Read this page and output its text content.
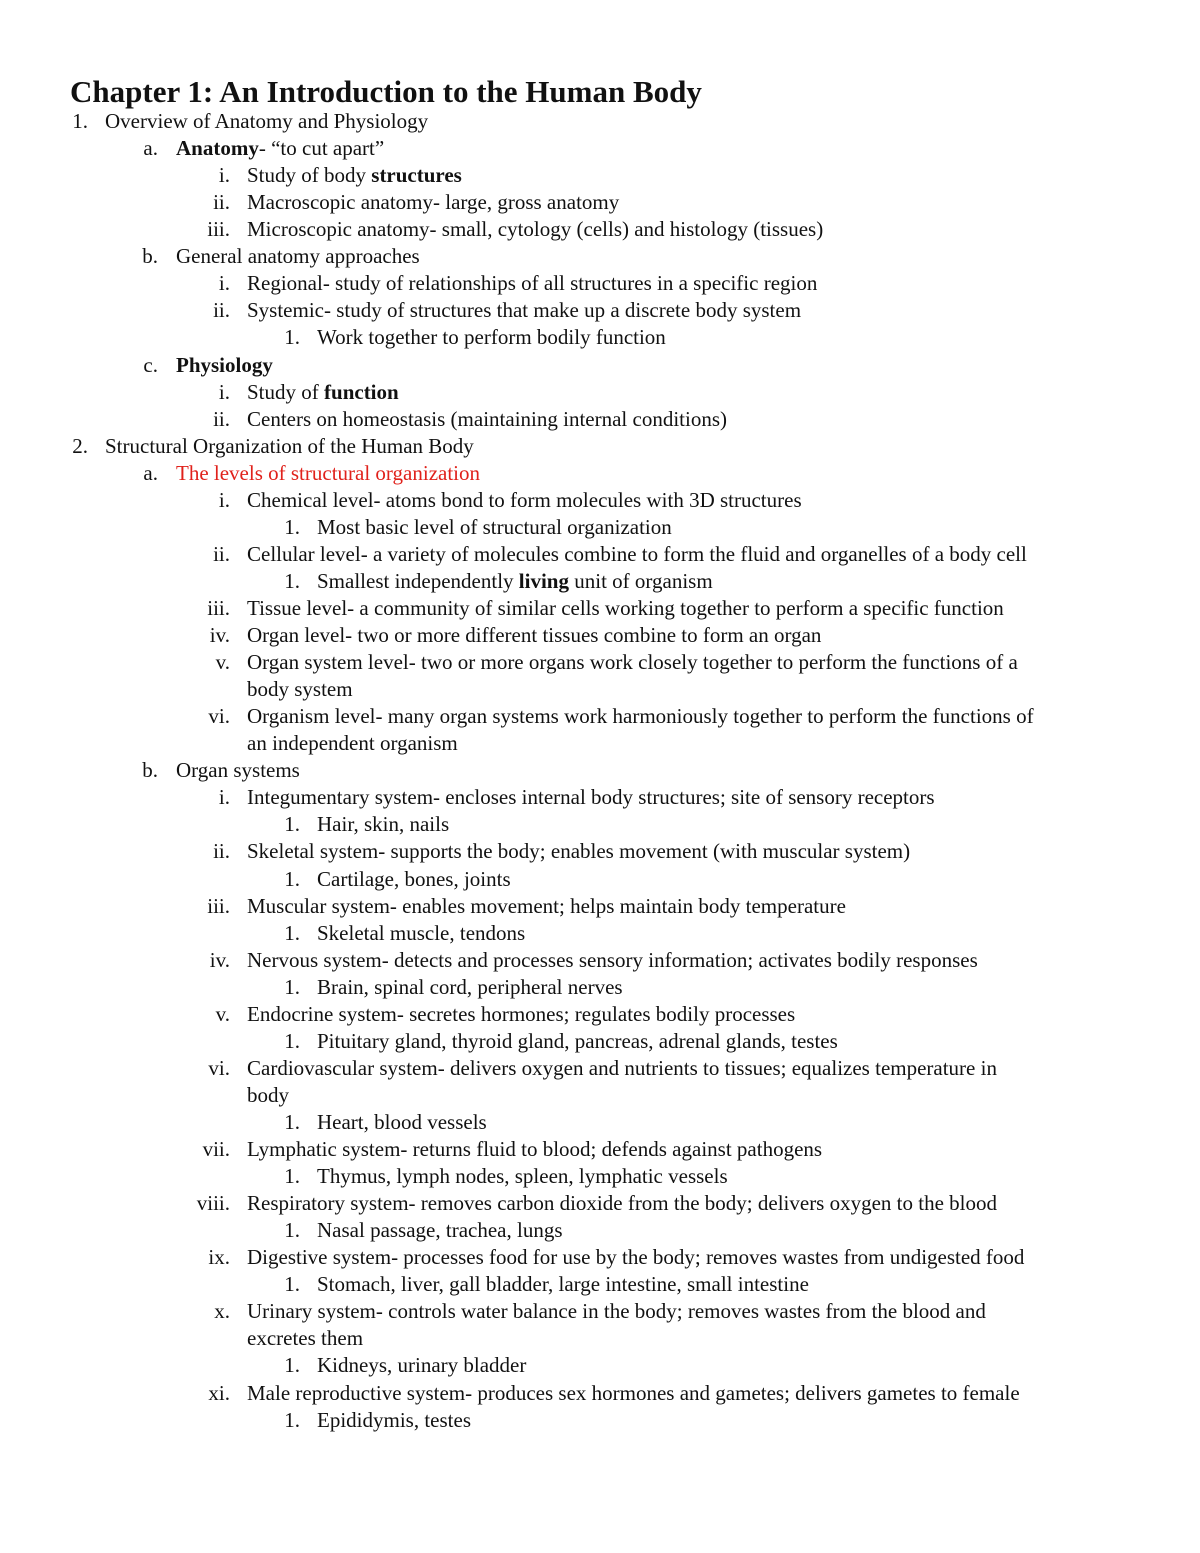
Chapter 1: An Introduction to the Human Body
1. Overview of Anatomy and Physiology
a. Anatomy- “to cut apart”
i. Study of body structures
ii. Macroscopic anatomy- large, gross anatomy
iii. Microscopic anatomy- small, cytology (cells) and histology (tissues)
b. General anatomy approaches
i. Regional- study of relationships of all structures in a specific region
ii. Systemic- study of structures that make up a discrete body system
1. Work together to perform bodily function
c. Physiology
i. Study of function
ii. Centers on homeostasis (maintaining internal conditions)
2. Structural Organization of the Human Body
a. The levels of structural organization
i. Chemical level- atoms bond to form molecules with 3D structures
1. Most basic level of structural organization
ii. Cellular level- a variety of molecules combine to form the fluid and organelles of a body cell
1. Smallest independently living unit of organism
iii. Tissue level- a community of similar cells working together to perform a specific function
iv. Organ level- two or more different tissues combine to form an organ
v. Organ system level- two or more organs work closely together to perform the functions of a
body system
vi. Organism level- many organ systems work harmoniously together to perform the functions of
an independent organism
b. Organ systems
i. Integumentary system- encloses internal body structures; site of sensory receptors
1. Hair, skin, nails
ii. Skeletal system- supports the body; enables movement (with muscular system)
1. Cartilage, bones, joints
iii. Muscular system- enables movement; helps maintain body temperature
1. Skeletal muscle, tendons
iv. Nervous system- detects and processes sensory information; activates bodily responses
1. Brain, spinal cord, peripheral nerves
v. Endocrine system- secretes hormones; regulates bodily processes
1. Pituitary gland, thyroid gland, pancreas, adrenal glands, testes
vi. Cardiovascular system- delivers oxygen and nutrients to tissues; equalizes temperature in
body
1. Heart, blood vessels
vii. Lymphatic system- returns fluid to blood; defends against pathogens
1. Thymus, lymph nodes, spleen, lymphatic vessels
viii. Respiratory system- removes carbon dioxide from the body; delivers oxygen to the blood
1. Nasal passage, trachea, lungs
ix. Digestive system- processes food for use by the body; removes wastes from undigested food
1. Stomach, liver, gall bladder, large intestine, small intestine
x. Urinary system- controls water balance in the body; removes wastes from the blood and
excretes them
1. Kidneys, urinary bladder
xi. Male reproductive system- produces sex hormones and gametes; delivers gametes to female
1. Epididymis, testes
